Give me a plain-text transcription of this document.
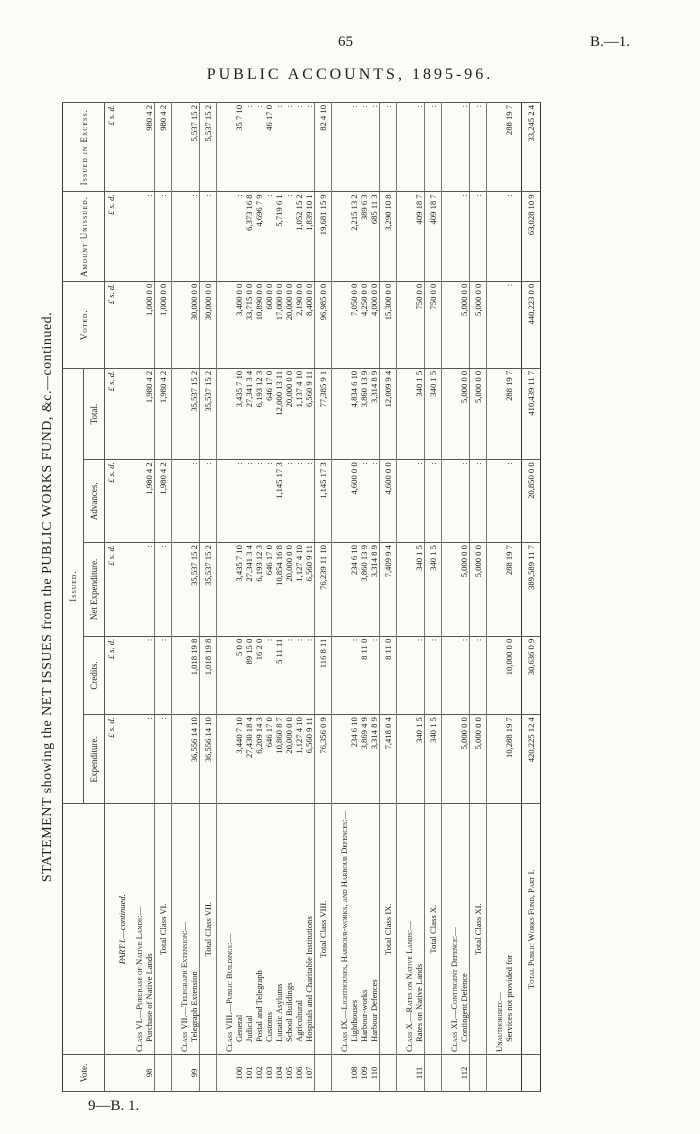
65	B.—1.
PUBLIC ACCOUNTS, 1895-96.
STATEMENT showing the NET ISSUES from the PUBLIC WORKS FUND, &c.—continued.
Vote.		Issued.					Voted.	Amount Unissued.	Issued in Excess.
		Expenditure.	Credits.	Net Expenditure.	Advances.	Total.			
		£ s. d.	£ s. d.	£ s. d.	£ s. d.	£ s. d.	£ s. d.	£ s. d.	£ s. d.
	PART I.—continued.								

	Class VI.—Purchase of Native Lands:—								
98	Purchase of Native Lands	:	:	:	1,980 4 2	1,980 4 2	1,000 0 0	:	980 4 2
	Total Class VI.	:	:	:	1,980 4 2	1,980 4 2	1,000 0 0	:	980 4 2

	Class VII.—Telegraph Extension:—								
99	Telegraph Extension	36,556 14 10	1,018 19 8	35,537 15 2	:	35,537 15 2	30,000 0 0	:	5,537 15 2
	Total Class VII.	36,556 14 10	1,018 19 8	35,537 15 2	:	35,537 15 2	30,000 0 0	:	5,537 15 2

	Class VIII.—Public Buildings:—								
100	General	3,440 7 10	5 0 0	3,435 7 10	:	3,435 7 10	3,400 0 0	:	35 7 10
101	Judicial	27,430 18 4	89 15 0	27,341 3 4	:	27,341 3 4	33,715 0 0	6,373 16 8	:
102	Postal and Telegraph	6,209 14 3	16 2 0	6,193 12 3	:	6,193 12 3	10,890 0 0	4,696 7 9	:
103	Customs	646 17 0	:	646 17 0	:	646 17 0	600 0 0	:	46 17 0
104	Lunatic Asylums	10,860 8 7	5 11 11	10,854 16 8	1,145 17 3	12,000 13 11	17,000 0 0	5,719 6 1	:
105	School Buildings	20,000 0 0	:	20,000 0 0	:	20,000 0 0	20,000 0 0	:	:
106	Agricultural	1,127 4 10	:	1,127 4 10	:	1,137 4 10	2,190 0 0	1,052 15 2	:
107	Hospitals and Charitable Institutions	6,560 9 11	:	6,560 9 11	:	6,560 9 11	8,400 0 0	1,839 10 1	:
	Total Class VIII.	76,356 0 9	116 8 11	76,239 11 10	1,145 17 3	77,385 9 1	96,985 0 0	19,681 15 9	82 4 10

	Class IX.—Lighthouses, Harbour-works, and Harbour Defences:—								
108	Lighthouses	234 6 10	:	234 6 10	4,600 0 0	4,834 6 10	7,050 0 0	2,215 13 2	:
109	Harbour-works	3,869 4 9	8 11 0	3,860 13 9	:	3,860 13 9	4,250 0 0	389 6 3	:
110	Harbour Defences	3,314 8 9	:	3,314 8 9	:	3,314 8 9	4,000 0 0	685 11 3	:
	Total Class IX.	7,418 0 4	8 11 0	7,409 9 4	4,600 0 0	12,009 9 4	15,300 0 0	3,290 10 8	:

	Class X.—Rates on Native Lands:—								
111	Rates on Native Lands	340 1 5	:	340 1 5	:	340 1 5	750 0 0	409 18 7	:
	Total Class X.	340 1 5	:	340 1 5	:	340 1 5	750 0 0	409 18 7	:

	Class XI.—Contingent Defence:—								
112	Contingent Defence	5,000 0 0	:	5,000 0 0	:	5,000 0 0	5,000 0 0	:	:
	Total Class XI.	5,000 0 0	:	5,000 0 0	:	5,000 0 0	5,000 0 0	:	:

	Unauthorised:—								
	Services not provided for	10,288 19 7	10,000 0 0	288 19 7	:	288 19 7	:	:	288 19 7

	Total Public Works Fund, Part I.	420,225 12 4	30,636 0 9	389,589 11 7	20,850 0 0	410,439 11 7	440,223 0 0	63,028 10 9	33,245 2 4
9—B. 1.
